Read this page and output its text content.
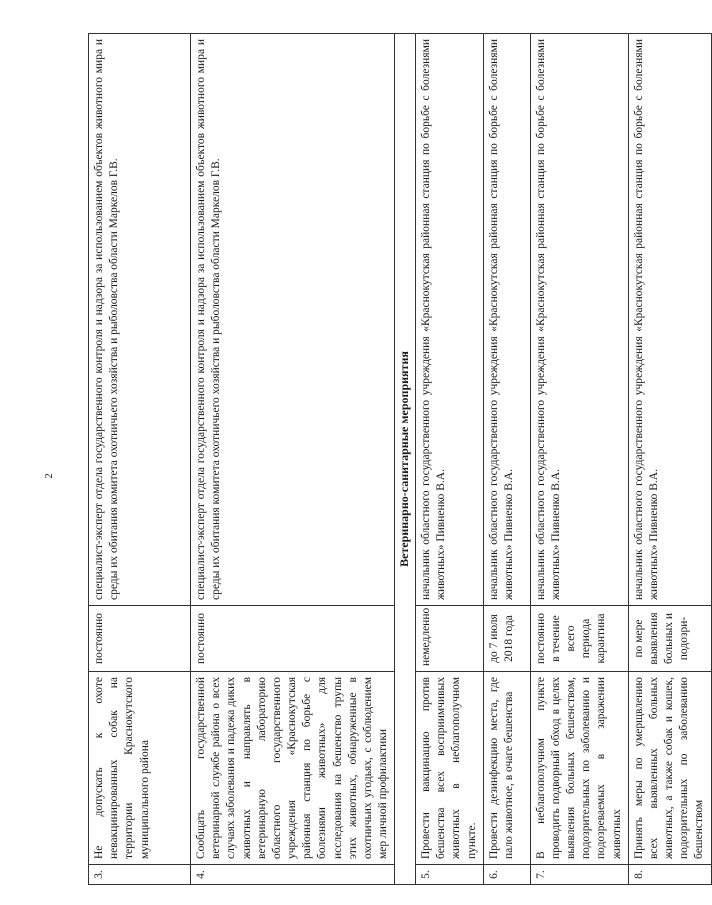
2
3.	Не допускать к охоте невакцинированных собак на территории Краснокутского муниципального района	постоянно	специалист-эксперт отдела государственного контроля и надзора за использованием объектов животного мира и среды их обитания комитета охотничьего хозяйства и рыболовства области Маркелов Г.В.
4.	Сообщать государственной ветеринарной службе района о всех случаях заболевания и падежа диких животных и направлять в ветеринарную лабораторию областного государственного учреждения «Краснокутская районная станция по борьбе с болезнями животных» для исследования на бешенство трупы этих животных, обнаруженные в охотничьих угодьях, с соблюдением мер личной профилактики	постоянно	специалист-эксперт отдела государственного контроля и надзора за использованием объектов животного мира и среды их обитания комитета охотничьего хозяйства и рыболовства области Маркелов Г.В.
Ветеринарно-санитарные мероприятия			
5.	Провести вакцинацию против бешенства всех восприимчивых животных в неблагополучном пункте.	немедленно	начальник областного государственного учреждения «Краснокутская районная станция по борьбе с болезнями животных» Пивненко В.А.
6.	Провести дезинфекцию места, где пало животное, в очаге бешенства	до 7 июля 2018 года	начальник областного государственного учреждения «Краснокутская районная станция по борьбе с болезнями животных» Пивненко В.А.
7.	В неблагополучном пункте проводить подворный обход в целях выявления больных бешенством, подозрительных по заболеванию и подозреваемых в заражении животных	постоянно в течение всего периода карантина	начальник областного государственного учреждения «Краснокутская районная станция по борьбе с болезнями животных» Пивненко В.А.
8.	Принять меры по умерщвлению всех выявленных больных животных, а также собак и кошек, подозрительных по заболеванию бешенством	по мере выявления больных и подозри-	начальник областного государственного учреждения «Краснокутская районная станция по борьбе с болезнями животных» Пивненко В.А.
